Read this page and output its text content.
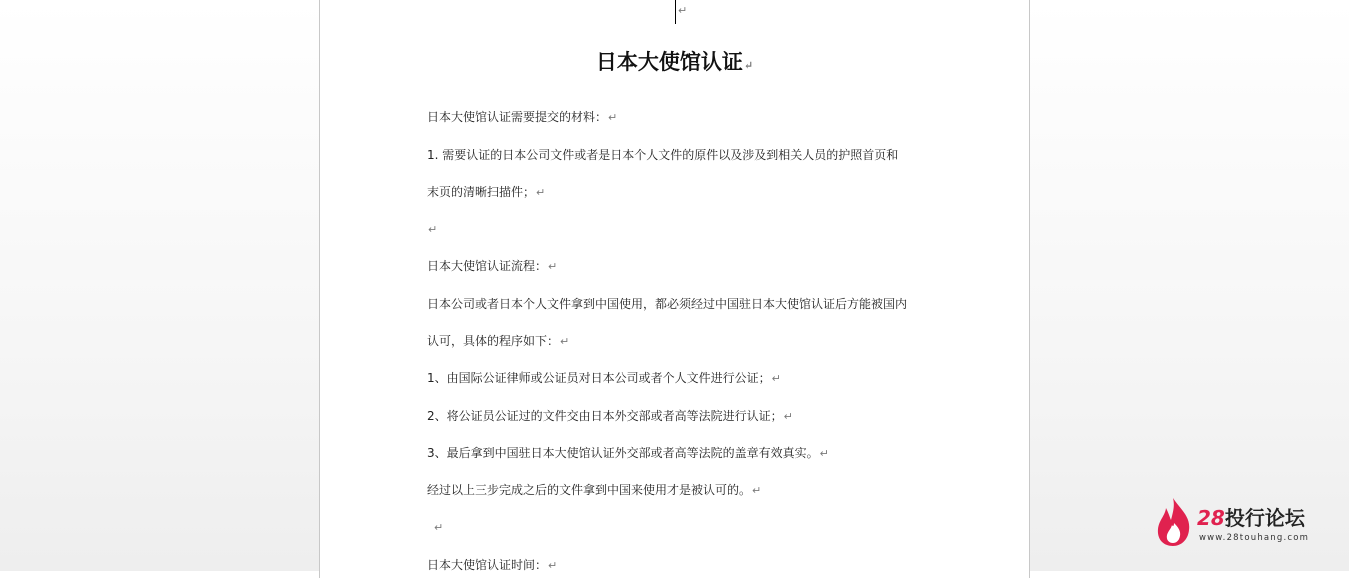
↵
日本大使馆认证↵
日本大使馆认证需要提交的材料：↵
1. 需要认证的日本公司文件或者是日本个人文件的原件以及涉及到相关人员的护照首页和
末页的清晰扫描件；↵
↵
日本大使馆认证流程：↵
日本公司或者日本个人文件拿到中国使用，都必须经过中国驻日本大使馆认证后方能被国内
认可，具体的程序如下：↵
1、由国际公证律师或公证员对日本公司或者个人文件进行公证；↵
2、将公证员公证过的文件交由日本外交部或者高等法院进行认证；↵
3、最后拿到中国驻日本大使馆认证外交部或者高等法院的盖章有效真实。↵
经过以上三步完成之后的文件拿到中国来使用才是被认可的。↵
↵
日本大使馆认证时间：↵
28投行论坛
www.28touhang.com
